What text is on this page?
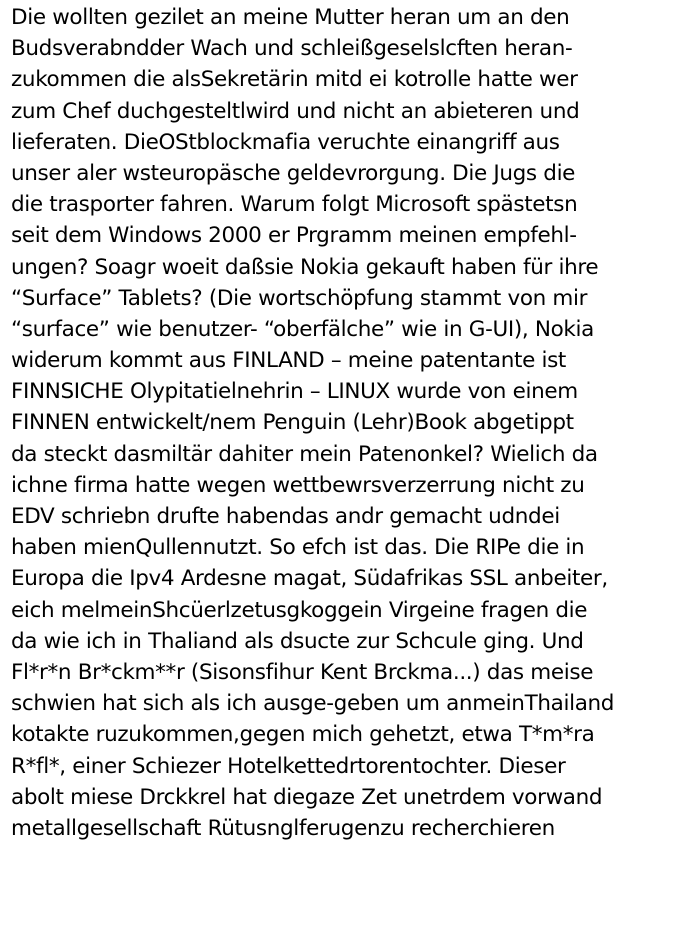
Die wollten gezilet an meine Mutter heran um an den
Budsverabndder Wach und schleißgeselslcften heran-
zukommen die alsSekretärin mitd ei kotrolle hatte wer
zum Chef duchgesteltlwird und nicht an abieteren und
lieferaten. DieOStblockmafia veruchte einangriff aus
unser aler wsteuropäsche geldevrorgung. Die Jugs die
die trasporter fahren. Warum folgt Microsoft spästetsn
seit dem Windows 2000 er Prgramm meinen empfehl-
ungen? Soagr woeit daßsie Nokia gekauft haben für ihre
“Surface” Tablets? (Die wortschöpfung stammt von mir
“surface” wie benutzer- “oberfälche” wie in G-UI), Nokia
widerum kommt aus FINLAND – meine patentante ist
FINNSICHE Olypitatielnehrin – LINUX wurde von einem
FINNEN entwickelt/nem Penguin (Lehr)Book abgetippt
da steckt dasmiltär dahiter mein Patenonkel? Wielich da
ichne firma hatte wegen wettbewrsverzerrung nicht zu
EDV schriebn drufte habendas andr gemacht udndei
haben mienQullennutzt. So efch ist das. Die RIPe die in
Europa die Ipv4 Ardesne magat, Südafrikas SSL anbeiter,
eich melmeinShcüerlzetusgkoggein Virgeine fragen die
da wie ich in Thaliand als dsucte zur Schcule ging. Und
Fl*r*n Br*ckm**r (Sisonsfihur Kent Brckma...) das meise
schwien hat sich als ich ausge-geben um anmeinThailand
kotakte ruzukommen,gegen mich gehetzt, etwa T*m*ra
R*fl*, einer Schiezer Hotelkettedrtorentochter. Dieser
abolt miese Drckkrel hat diegaze Zet unetrdem vorwand
metallgesellschaft Rütusnglferugenzu recherchieren
